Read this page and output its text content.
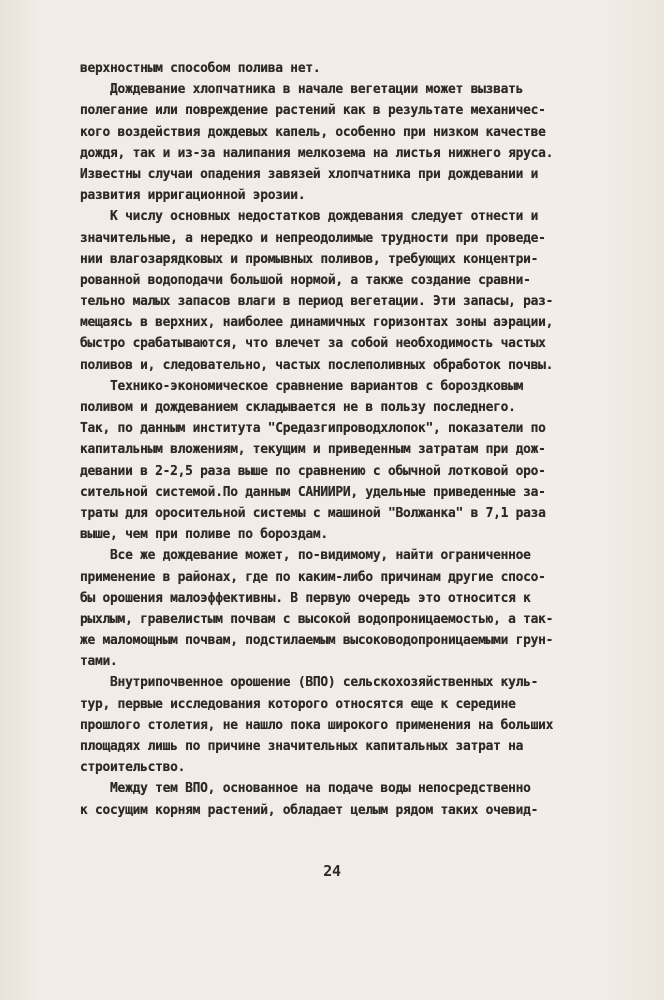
верхностным способом полива нет.
Дождевание хлопчатника в начале вегетации может вызвать
полегание или повреждение растений как в результате механичес-
кого воздействия дождевых капель, особенно при низком качестве
дождя, так и из-за налипания мелкозема на листья нижнего яруса.
Известны случаи опадения завязей хлопчатника при дождевании и
развития ирригационной эрозии.
К числу основных недостатков дождевания следует отнести и
значительные, а нередко и непреодолимые трудности при проведе-
нии влагозарядковых и промывных поливов, требующих концентри-
рованной водоподачи большой нормой, а также создание сравни-
тельно малых запасов влаги в период вегетации. Эти запасы, раз-
мещаясь в верхних, наиболее динамичных горизонтах зоны аэрации,
быстро срабатываются, что влечет за собой необходимость частых
поливов и, следовательно, частых послеполивных обработок почвы.
Технико-экономическое сравнение вариантов с бороздковым
поливом и дождеванием складывается не в пользу последнего.
Так, по данным института "Средазгипроводхлопок", показатели по
капитальным вложениям, текущим и приведенным затратам при дож-
девании в 2-2,5 раза выше по сравнению с обычной лотковой оро-
сительной системой.По данным САНИИРИ, удельные приведенные за-
траты для оросительной системы с машиной "Волжанка" в 7,1 раза
выше, чем при поливе по бороздам.
Все же дождевание может, по-видимому, найти ограниченное
применение в районах, где по каким-либо причинам другие спосо-
бы орошения малоэффективны. В первую очередь это относится к
рыхлым, гравелистым почвам с высокой водопроницаемостью, а так-
же маломощным почвам, подстилаемым высоководопроницаемыми грун-
тами.
Внутрипочвенное орошение (ВПО) сельскохозяйственных куль-
тур, первые исследования которого относятся еще к середине
прошлого столетия, не нашло пока широкого применения на больших
площадях лишь по причине значительных капитальных затрат на
строительство.
Между тем ВПО, основанное на подаче воды непосредственно
к сосущим корням растений, обладает целым рядом таких очевид-
24
